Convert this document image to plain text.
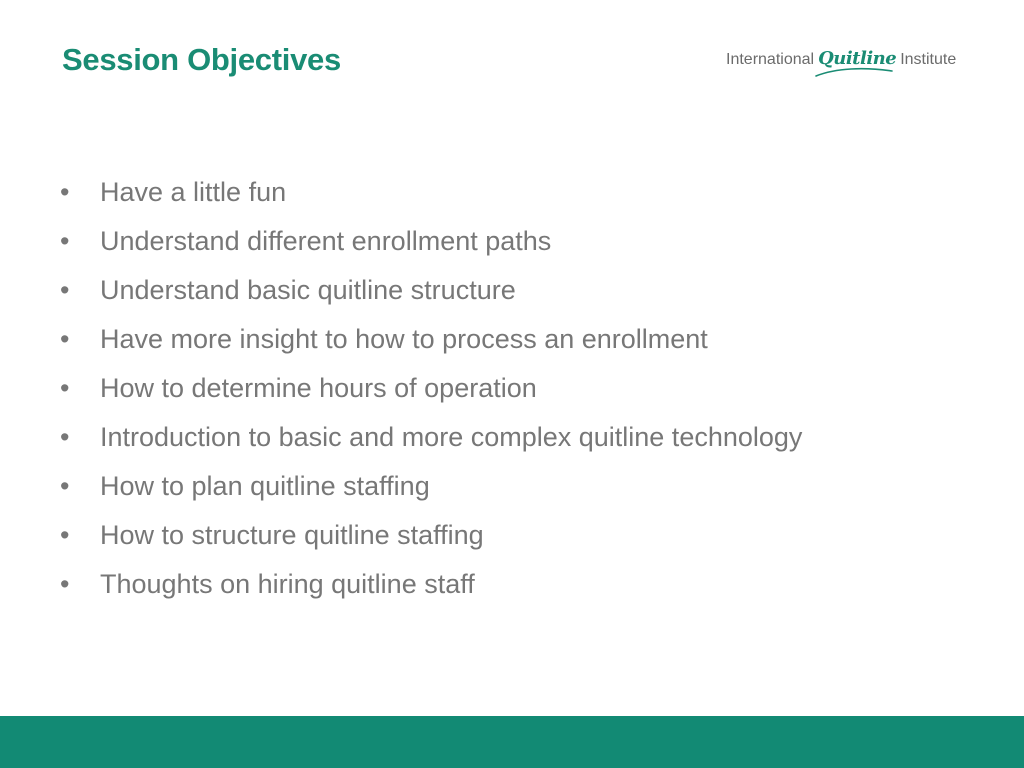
Session Objectives	International Quitline Institute
• Have a little fun
• Understand different enrollment paths
• Understand basic quitline structure
• Have more insight to how to process an enrollment
• How to determine hours of operation
• Introduction to basic and more complex quitline technology
• How to plan quitline staffing
• How to structure quitline staffing
• Thoughts on hiring quitline staff
